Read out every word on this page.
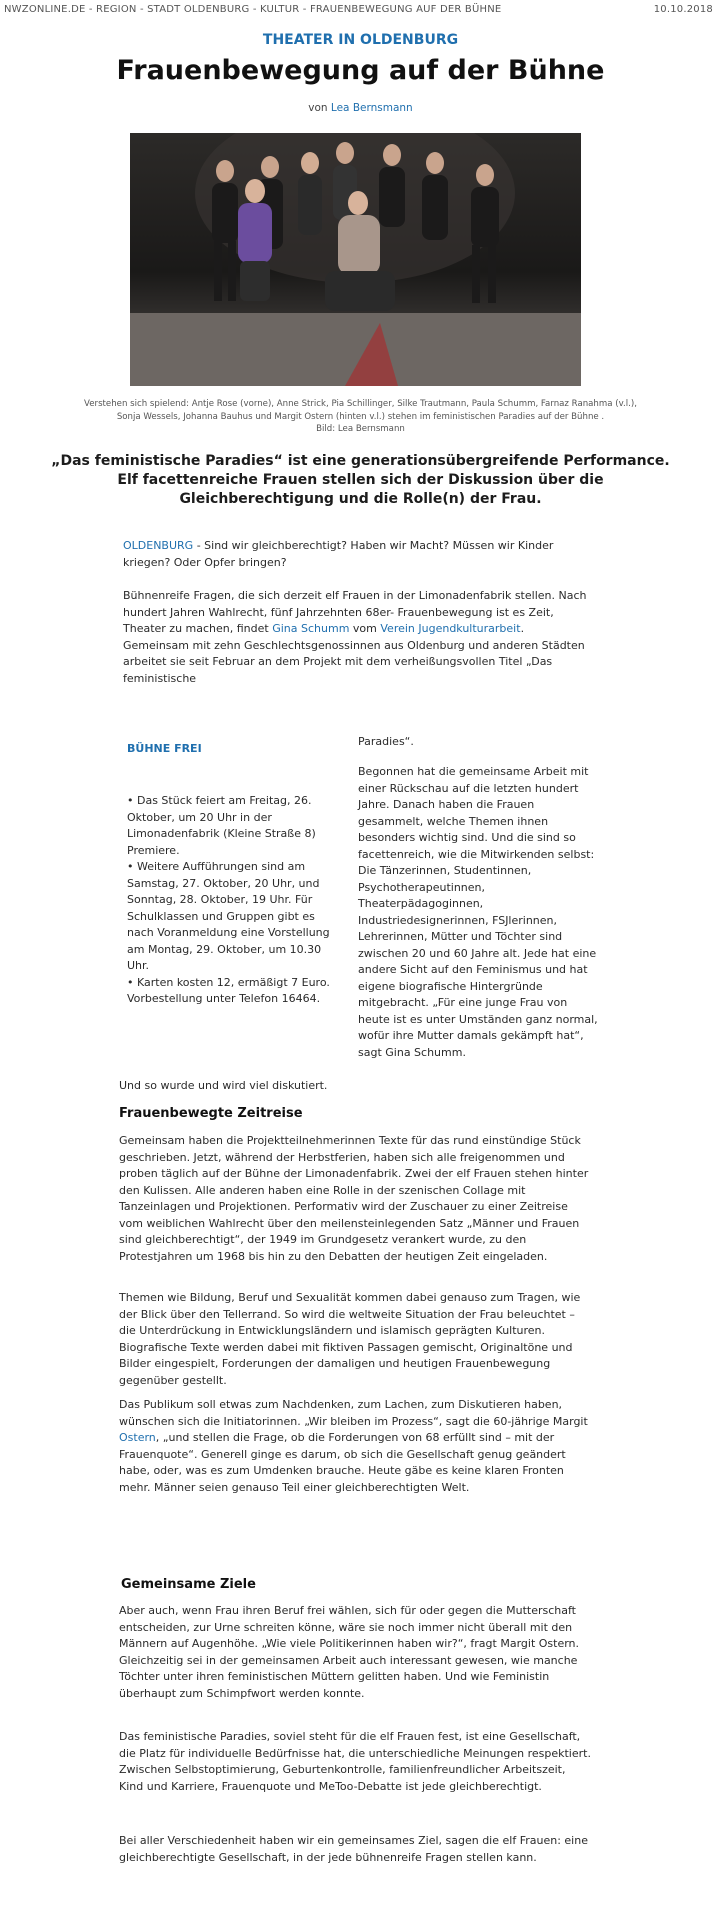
NWZONLINE.DE - REGION - STADT OLDENBURG - KULTUR - FRAUENBEWEGUNG AUF DER BÜHNE	10.10.2018
THEATER IN OLDENBURG
Frauenbewegung auf der Bühne
von Lea Bernsmann
Verstehen sich spielend: Antje Rose (vorne), Anne Strick, Pia Schillinger, Silke Trautmann, Paula Schumm, Farnaz Ranahma (v.l.),
Sonja Wessels, Johanna Bauhus und Margit Ostern (hinten v.l.) stehen im feministischen Paradies auf der Bühne .
Bild: Lea Bernsmann

„Das feministische Paradies“ ist eine generationsübergreifende Performance. Elf facettenreiche Frauen stellen sich der Diskussion über die Gleichberechtigung und die Rolle(n) der Frau.

OLDENBURG - Sind wir gleichberechtigt? Haben wir Macht? Müssen wir Kinder kriegen? Oder Opfer bringen?

Bühnenreife Fragen, die sich derzeit elf Frauen in der Limonadenfabrik stellen. Nach hundert Jahren Wahlrecht, fünf Jahrzehnten 68er- Frauenbewegung ist es Zeit, Theater zu machen, findet Gina Schumm vom Verein Jugendkulturarbeit. Gemeinsam mit zehn Geschlechtsgenossinnen aus Oldenburg und anderen Städten arbeitet sie seit Februar an dem Projekt mit dem verheißungsvollen Titel „Das feministische

BÜHNE FREI
• Das Stück feiert am Freitag, 26. Oktober, um 20 Uhr in der Limonadenfabrik (Kleine Straße 8) Premiere.
• Weitere Aufführungen sind am Samstag, 27. Oktober, 20 Uhr, und Sonntag, 28. Oktober, 19 Uhr. Für Schulklassen und Gruppen gibt es nach Voranmeldung eine Vorstellung am Montag, 29. Oktober, um 10.30 Uhr.
• Karten kosten 12, ermäßigt 7 Euro. Vorbestellung unter Telefon 16464.

Paradies“.

Begonnen hat die gemeinsame Arbeit mit einer Rückschau auf die letzten hundert Jahre. Danach haben die Frauen gesammelt, welche Themen ihnen besonders wichtig sind. Und die sind so facettenreich, wie die Mitwirkenden selbst: Die Tänzerinnen, Studentinnen, Psychotherapeutinnen, Theaterpädagoginnen, Industriedesignerinnen, FSJlerinnen, Lehrerinnen, Mütter und Töchter sind zwischen 20 und 60 Jahre alt. Jede hat eine andere Sicht auf den Feminismus und hat eigene biografische Hintergründe mitgebracht. „Für eine junge Frau von heute ist es unter Umständen ganz normal, wofür ihre Mutter damals gekämpft hat“, sagt Gina Schumm.

Und so wurde und wird viel diskutiert.

Frauenbewegte Zeitreise

Gemeinsam haben die Projektteilnehmerinnen Texte für das rund einstündige Stück geschrieben. Jetzt, während der Herbstferien, haben sich alle freigenommen und proben täglich auf der Bühne der Limonadenfabrik. Zwei der elf Frauen stehen hinter den Kulissen. Alle anderen haben eine Rolle in der szenischen Collage mit Tanzeinlagen und Projektionen. Performativ wird der Zuschauer zu einer Zeitreise vom weiblichen Wahlrecht über den meilensteinlegenden Satz „Männer und Frauen sind gleichberechtigt“, der 1949 im Grundgesetz verankert wurde, zu den Protestjahren um 1968 bis hin zu den Debatten der heutigen Zeit eingeladen.

Themen wie Bildung, Beruf und Sexualität kommen dabei genauso zum Tragen, wie der Blick über den Tellerrand. So wird die weltweite Situation der Frau beleuchtet – die Unterdrückung in Entwicklungsländern und islamisch geprägten Kulturen. Biografische Texte werden dabei mit fiktiven Passagen gemischt, Originaltöne und Bilder eingespielt, Forderungen der damaligen und heutigen Frauenbewegung gegenüber gestellt.

Das Publikum soll etwas zum Nachdenken, zum Lachen, zum Diskutieren haben, wünschen sich die Initiatorinnen. „Wir bleiben im Prozess“, sagt die 60-jährige Margit Ostern, „und stellen die Frage, ob die Forderungen von 68 erfüllt sind – mit der Frauenquote“. Generell ginge es darum, ob sich die Gesellschaft genug geändert habe, oder, was es zum Umdenken brauche. Heute gäbe es keine klaren Fronten mehr. Männer seien genauso Teil einer gleichberechtigten Welt.

Gemeinsame Ziele

Aber auch, wenn Frau ihren Beruf frei wählen, sich für oder gegen die Mutterschaft entscheiden, zur Urne schreiten könne, wäre sie noch immer nicht überall mit den Männern auf Augenhöhe. „Wie viele Politikerinnen haben wir?“, fragt Margit Ostern. Gleichzeitig sei in der gemeinsamen Arbeit auch interessant gewesen, wie manche Töchter unter ihren feministischen Müttern gelitten haben. Und wie Feministin überhaupt zum Schimpfwort werden konnte.

Das feministische Paradies, soviel steht für die elf Frauen fest, ist eine Gesellschaft, die Platz für individuelle Bedürfnisse hat, die unterschiedliche Meinungen respektiert. Zwischen Selbstoptimierung, Geburtenkontrolle, familienfreundlicher Arbeitszeit, Kind und Karriere, Frauenquote und MeToo-Debatte ist jede gleichberechtigt.

Bei aller Verschiedenheit haben wir ein gemeinsames Ziel, sagen die elf Frauen: eine gleichberechtigte Gesellschaft, in der jede bühnenreife Fragen stellen kann.
